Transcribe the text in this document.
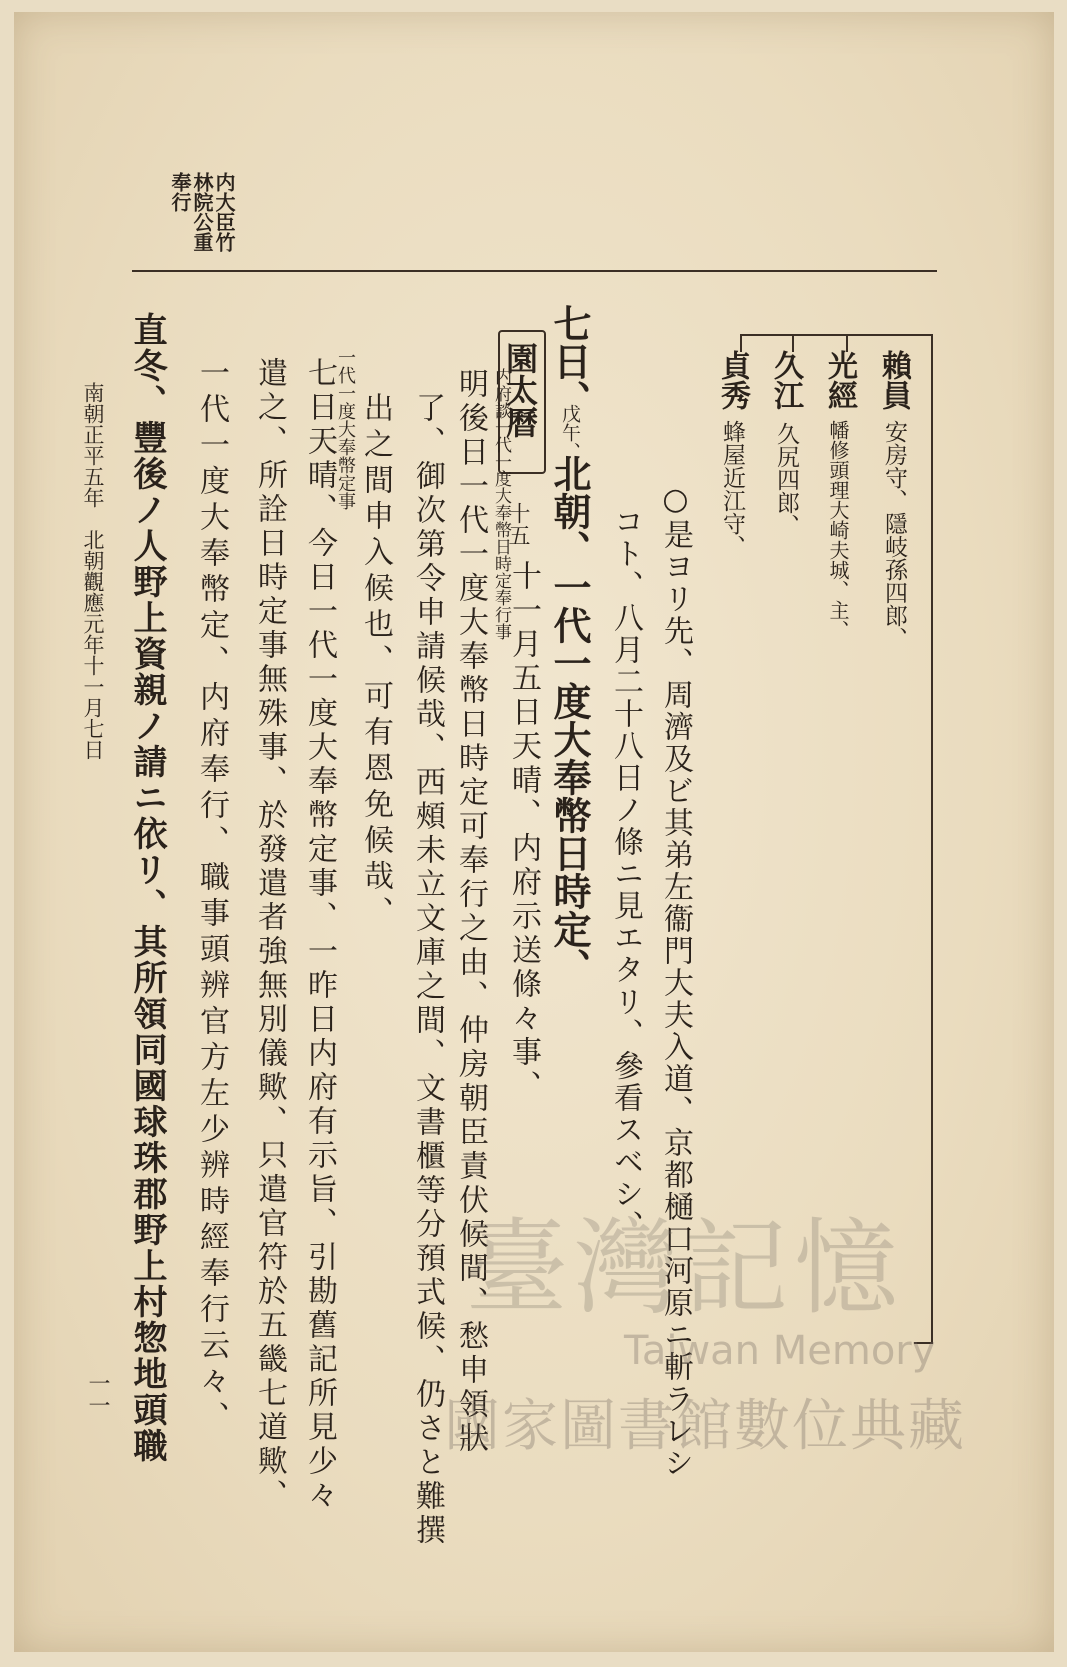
内大臣竹
林院公重
奉行
賴員
安房守、隱岐孫四郎、
光經
幡修頭理大崎夫城、主、
久江
久尻四郎、
貞秀
蜂屋近江守、
○是ヨリ先、周濟及ビ其弟左衞門大夫入道、京都樋口河原ニ斬ラレシ
コト、八月二十八日ノ條ニ見エタリ、參看スベシ、
七日、
戊午、
北朝、一代一度大奉幣日時定、
園太曆
十五
内府談一代一度大奉幣日時定奉行事
明後日一代一度大奉幣日時定可奉行之由、仲房朝臣責伏候間、愁申領狀 十一月五日天晴、内府示送條々事、
了、御次第令申請候哉、西頰未立文庫之間、文書櫃等分預式候、仍さと難撰
出之間申入候也、可有恩免候哉、
一代一度大奉幣定事
七日天晴、今日一代一度大奉幣定事、一昨日内府有示旨、引勘舊記所見少々
遣之、所詮日時定事無殊事、於發遣者強無別儀歟、只遣官符於五畿七道歟、
一代一度大奉幣定、内府奉行、職事頭辨官方左少辨時經奉行云々、
直冬、豐後ノ人野上資親ノ請ニ依リ、其所領同國球珠郡野上村惣地頭職
南朝正平五年　北朝觀應元年十一月七日
一一
臺灣記憶
Taiwan Memory
國家圖書館數位典藏
